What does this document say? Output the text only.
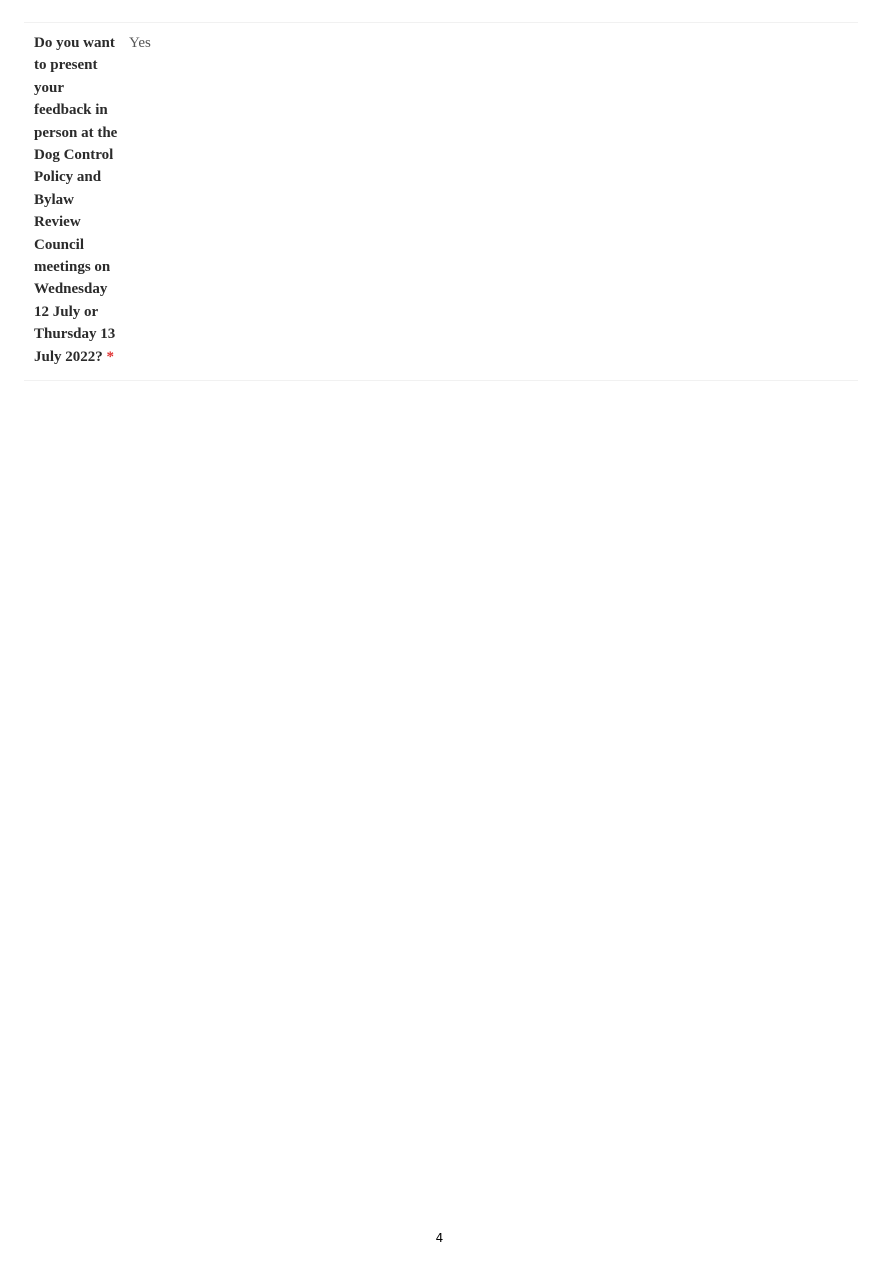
Do you want to present your feedback in person at the Dog Control Policy and Bylaw Review Council meetings on Wednesday 12 July or Thursday 13 July 2022? *
Yes
4
